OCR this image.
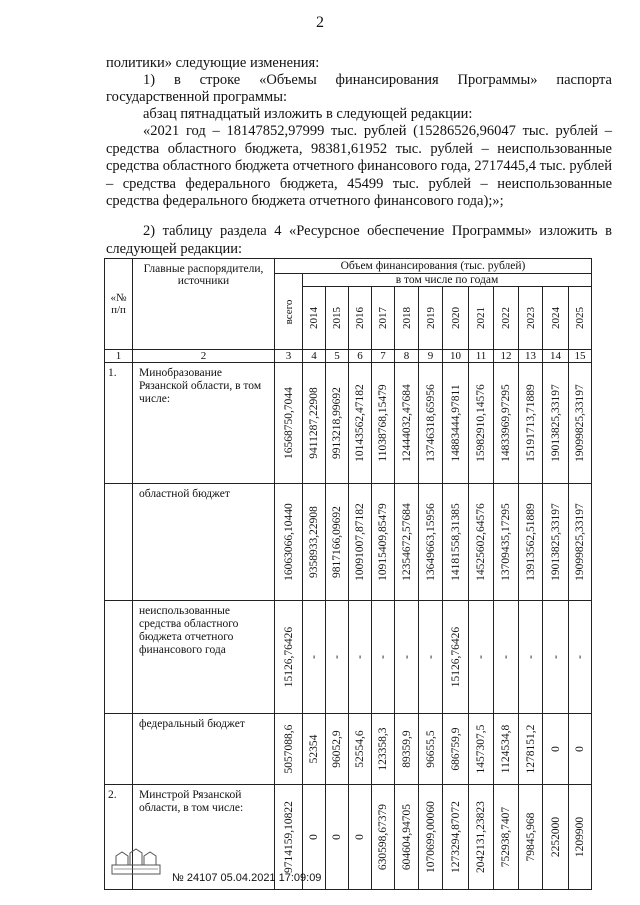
2
политики» следующие изменения:
1) в строке «Объемы финансирования Программы» паспорта
государственной программы:
абзац пятнадцатый изложить в следующей редакции:
«2021 год – 18147852,97999 тыс. рублей (15286526,96047 тыс. рублей – средства областного бюджета, 98381,61952 тыс. рублей – неиспользованные средства областного бюджета отчетного финансового года, 2717445,4 тыс. рублей – средства федерального бюджета, 45499 тыс. рублей – неиспользованные средства федерального бюджета отчетного финансового года);»;
2) таблицу раздела 4 «Ресурсное обеспечение Программы» изложить в следующей редакции:
«№ п/п	Главные распорядители, источники	Объем финансирования (тыс. рублей)												

		всего	в том числе по годам											

			2014	2015	2016	2017	2018	2019	2020	2021	2022	2023	2024	2025

1	2	3	4	5	6	7	8	9	10	11	12	13	14	15
1.	Минобразование Рязанской области, в том числе:	16568750,7044	9411287,22908	9913218,99692	10143562,47182	11038768,15479	12444032,47684	13746318,65956	14883444,97811	15982910,14576	14833969,97295	15191713,71889	19013825,33197	19099825,33197

	областной бюджет	16063066,10440	9358933,22908	9817166,09692	10091007,87182	10915409,85479	12354672,57684	13649663,15956	14181558,31385	14525602,64576	13709435,17295	13913562,51889	19013825,33197	19099825,33197

	неиспользованные средства областного бюджета отчетного финансового года	15126,76426	-	-	-	-	-	-	15126,76426	-	-	-	-	-

	федеральный бюджет	5057088,6	52354	96052,9	52554,6	123358,3	89359,9	96655,5	686759,9	1457307,5	1124534,8	1278151,2	0	0

2.	Минстрой Рязанской области, в том числе:	9714159,10822	0	0	0	630598,67379	604604,94705	1070699,00060	1273294,87072	2042131,23823	752938,7407	79845,968	2252000	1209900
№ 24107 05.04.2021 17:09:09
